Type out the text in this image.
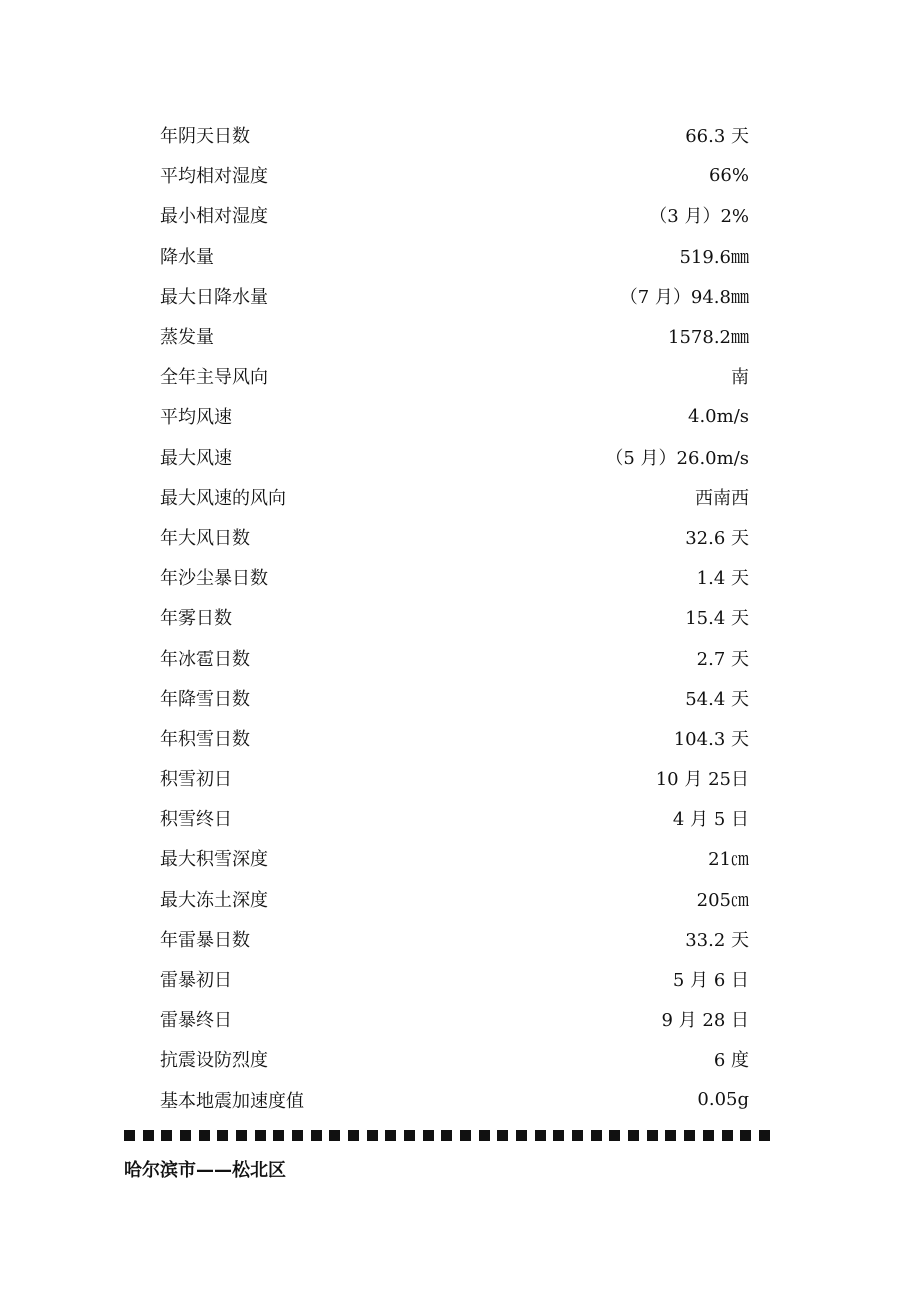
年阴天日数	66.3 天
平均相对湿度	66%
最小相对湿度	（3 月）2%
降水量	519.6㎜
最大日降水量	（7 月）94.8㎜
蒸发量	1578.2㎜
全年主导风向	南
平均风速	4.0m/s
最大风速	（5 月）26.0m/s
最大风速的风向	西南西
年大风日数	32.6 天
年沙尘暴日数	1.4 天
年雾日数	15.4 天
年冰雹日数	2.7 天
年降雪日数	54.4 天
年积雪日数	104.3 天
积雪初日	10 月 25日
积雪终日	4 月 5 日
最大积雪深度	21㎝
最大冻土深度	205㎝
年雷暴日数	33.2 天
雷暴初日	5 月 6 日
雷暴终日	9 月 28 日
抗震设防烈度	6 度
基本地震加速度值	0.05g
哈尔滨市——松北区
